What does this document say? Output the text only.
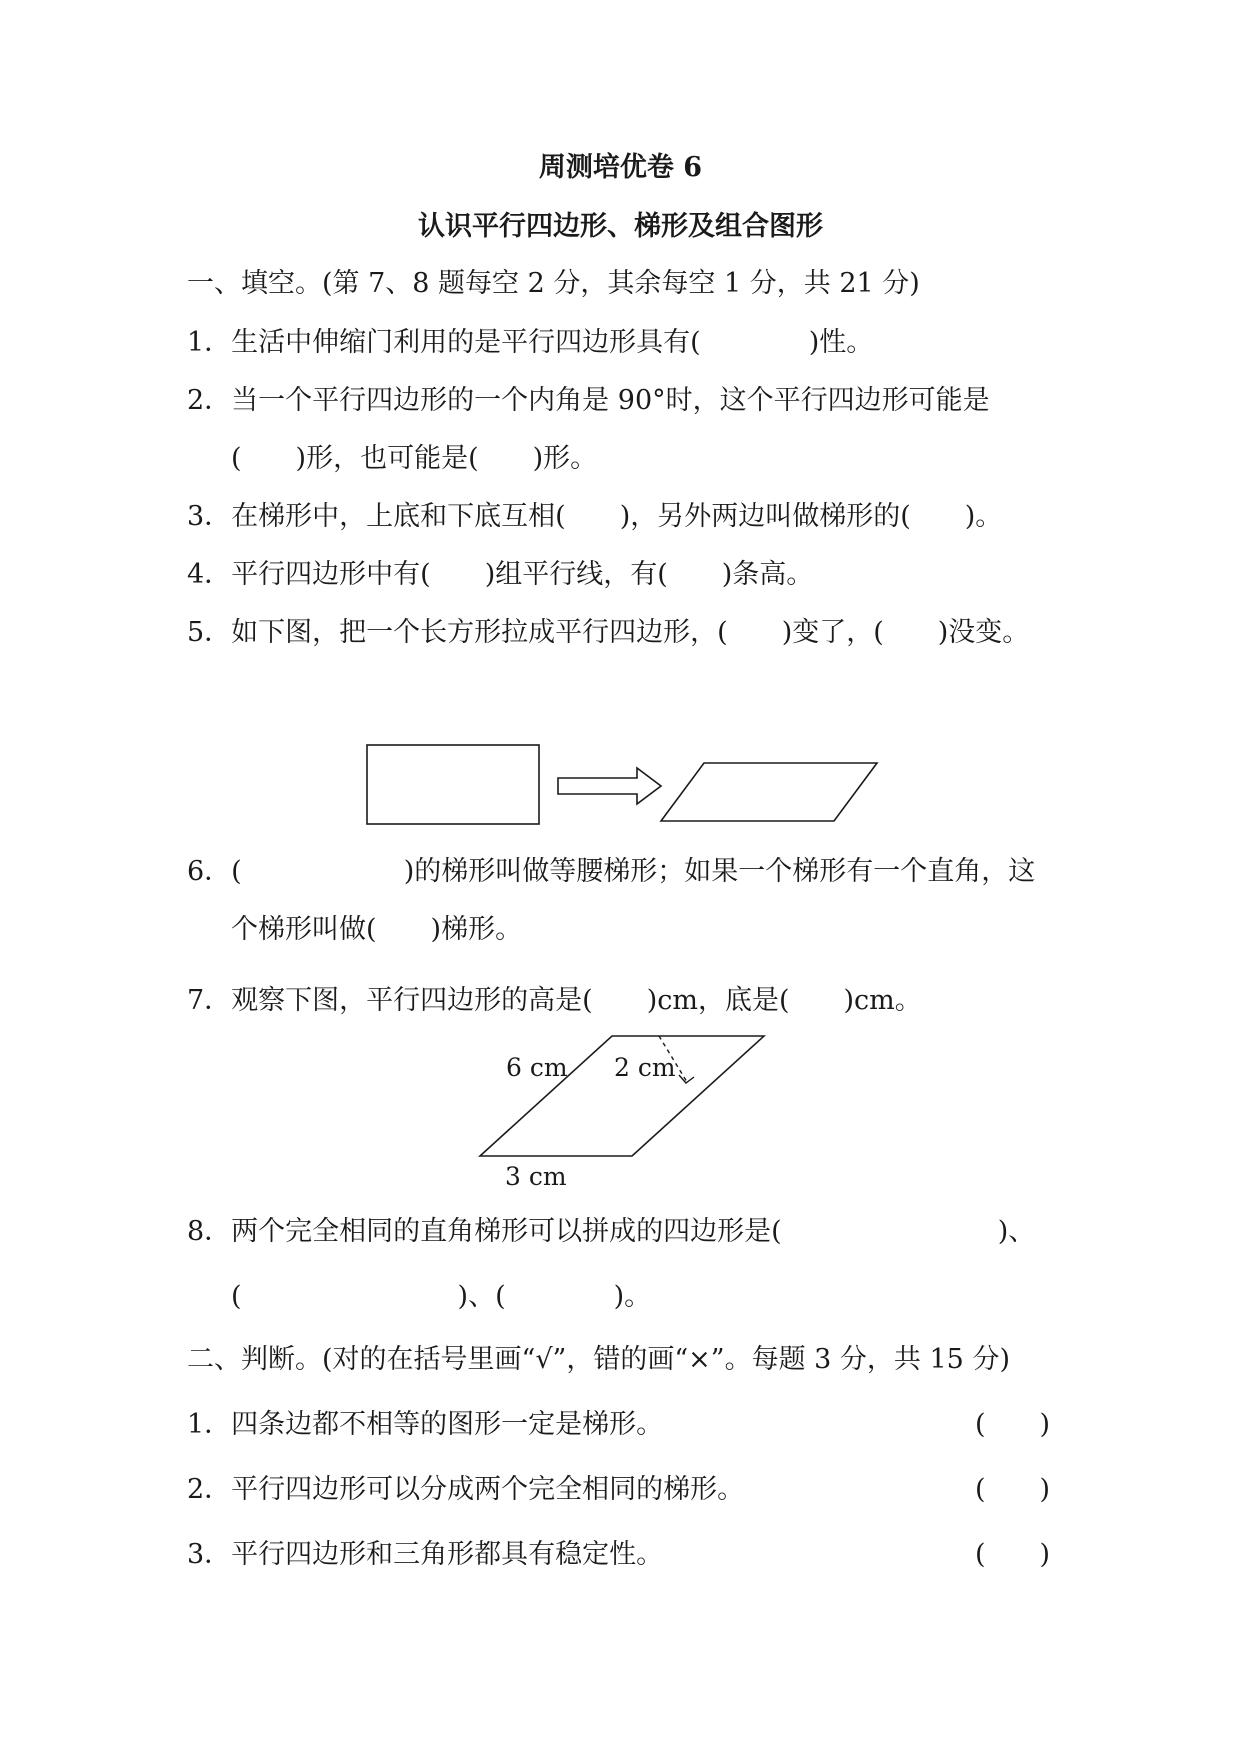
周测培优卷 6
认识平行四边形、梯形及组合图形
一、填空。(第 7、8 题每空 2 分，其余每空 1 分，共 21 分)
1．生活中伸缩门利用的是平行四边形具有(　　　　)性。
2．当一个平行四边形的一个内角是 90°时，这个平行四边形可能是
(　　)形，也可能是(　　)形。
3．在梯形中，上底和下底互相(　　)，另外两边叫做梯形的(　　)。
4．平行四边形中有(　　)组平行线，有(　　)条高。
5．如下图，把一个长方形拉成平行四边形，(　　)变了，(　　)没变。
6．(　　　　　　)的梯形叫做等腰梯形；如果一个梯形有一个直角，这
个梯形叫做(　　)梯形。
7．观察下图，平行四边形的高是(　　)cm，底是(　　)cm。
6 cm 2 cm
3 cm
8．两个完全相同的直角梯形可以拼成的四边形是(　　　　　　　　)、
(　　　　　　　　)、(　　　　)。
二、判断。(对的在括号里画“√”，错的画“×”。每题 3 分，共 15 分)
1．四条边都不相等的图形一定是梯形。	(　　)
2．平行四边形可以分成两个完全相同的梯形。	(　　)
3．平行四边形和三角形都具有稳定性。	(　　)
